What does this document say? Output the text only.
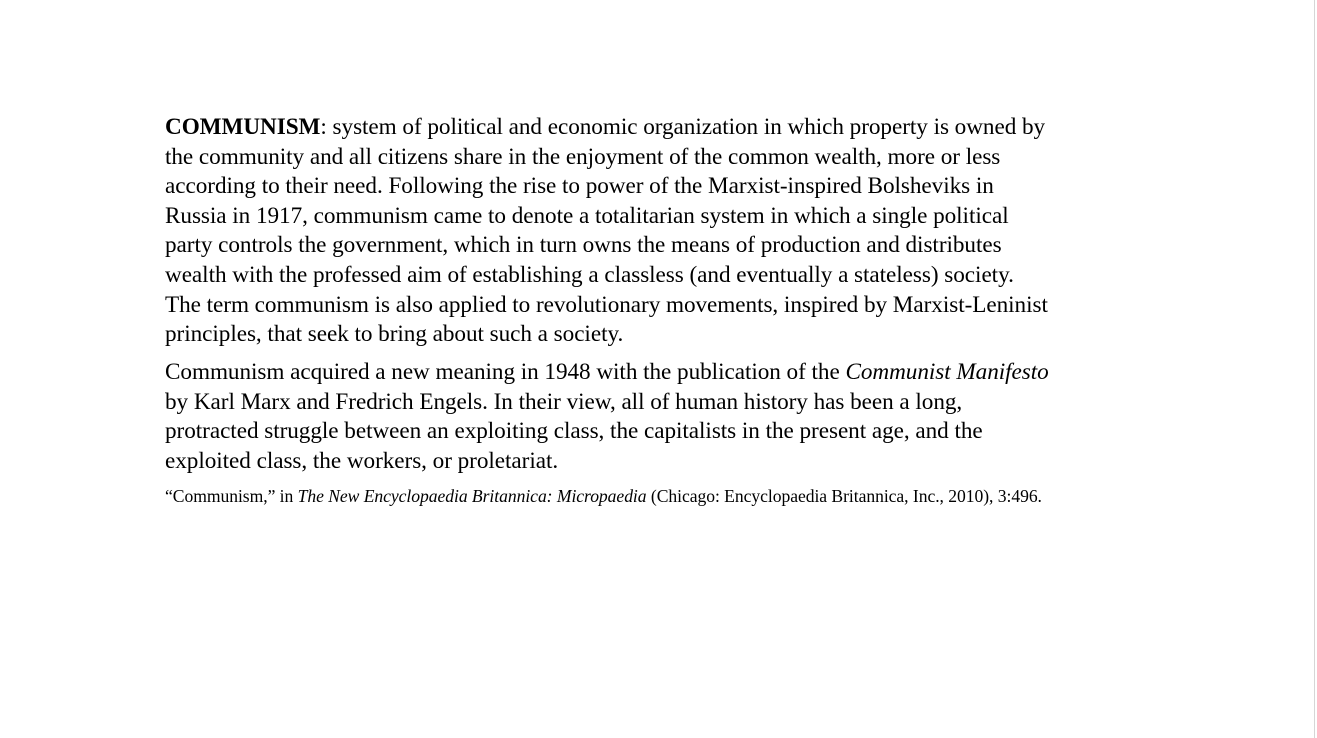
COMMUNISM: system of political and economic organization in which property is owned by the community and all citizens share in the enjoyment of the common wealth, more or less according to their need. Following the rise to power of the Marxist-inspired Bolsheviks in Russia in 1917, communism came to denote a totalitarian system in which a single political party controls the government, which in turn owns the means of production and distributes wealth with the professed aim of establishing a classless (and eventually a stateless) society. The term communism is also applied to revolutionary movements, inspired by Marxist-Leninist principles, that seek to bring about such a society.

Communism acquired a new meaning in 1948 with the publication of the Communist Manifesto by Karl Marx and Fredrich Engels. In their view, all of human history has been a long, protracted struggle between an exploiting class, the capitalists in the present age, and the exploited class, the workers, or proletariat.

“Communism,” in The New Encyclopaedia Britannica: Micropaedia (Chicago: Encyclopaedia Britannica, Inc., 2010), 3:496.
